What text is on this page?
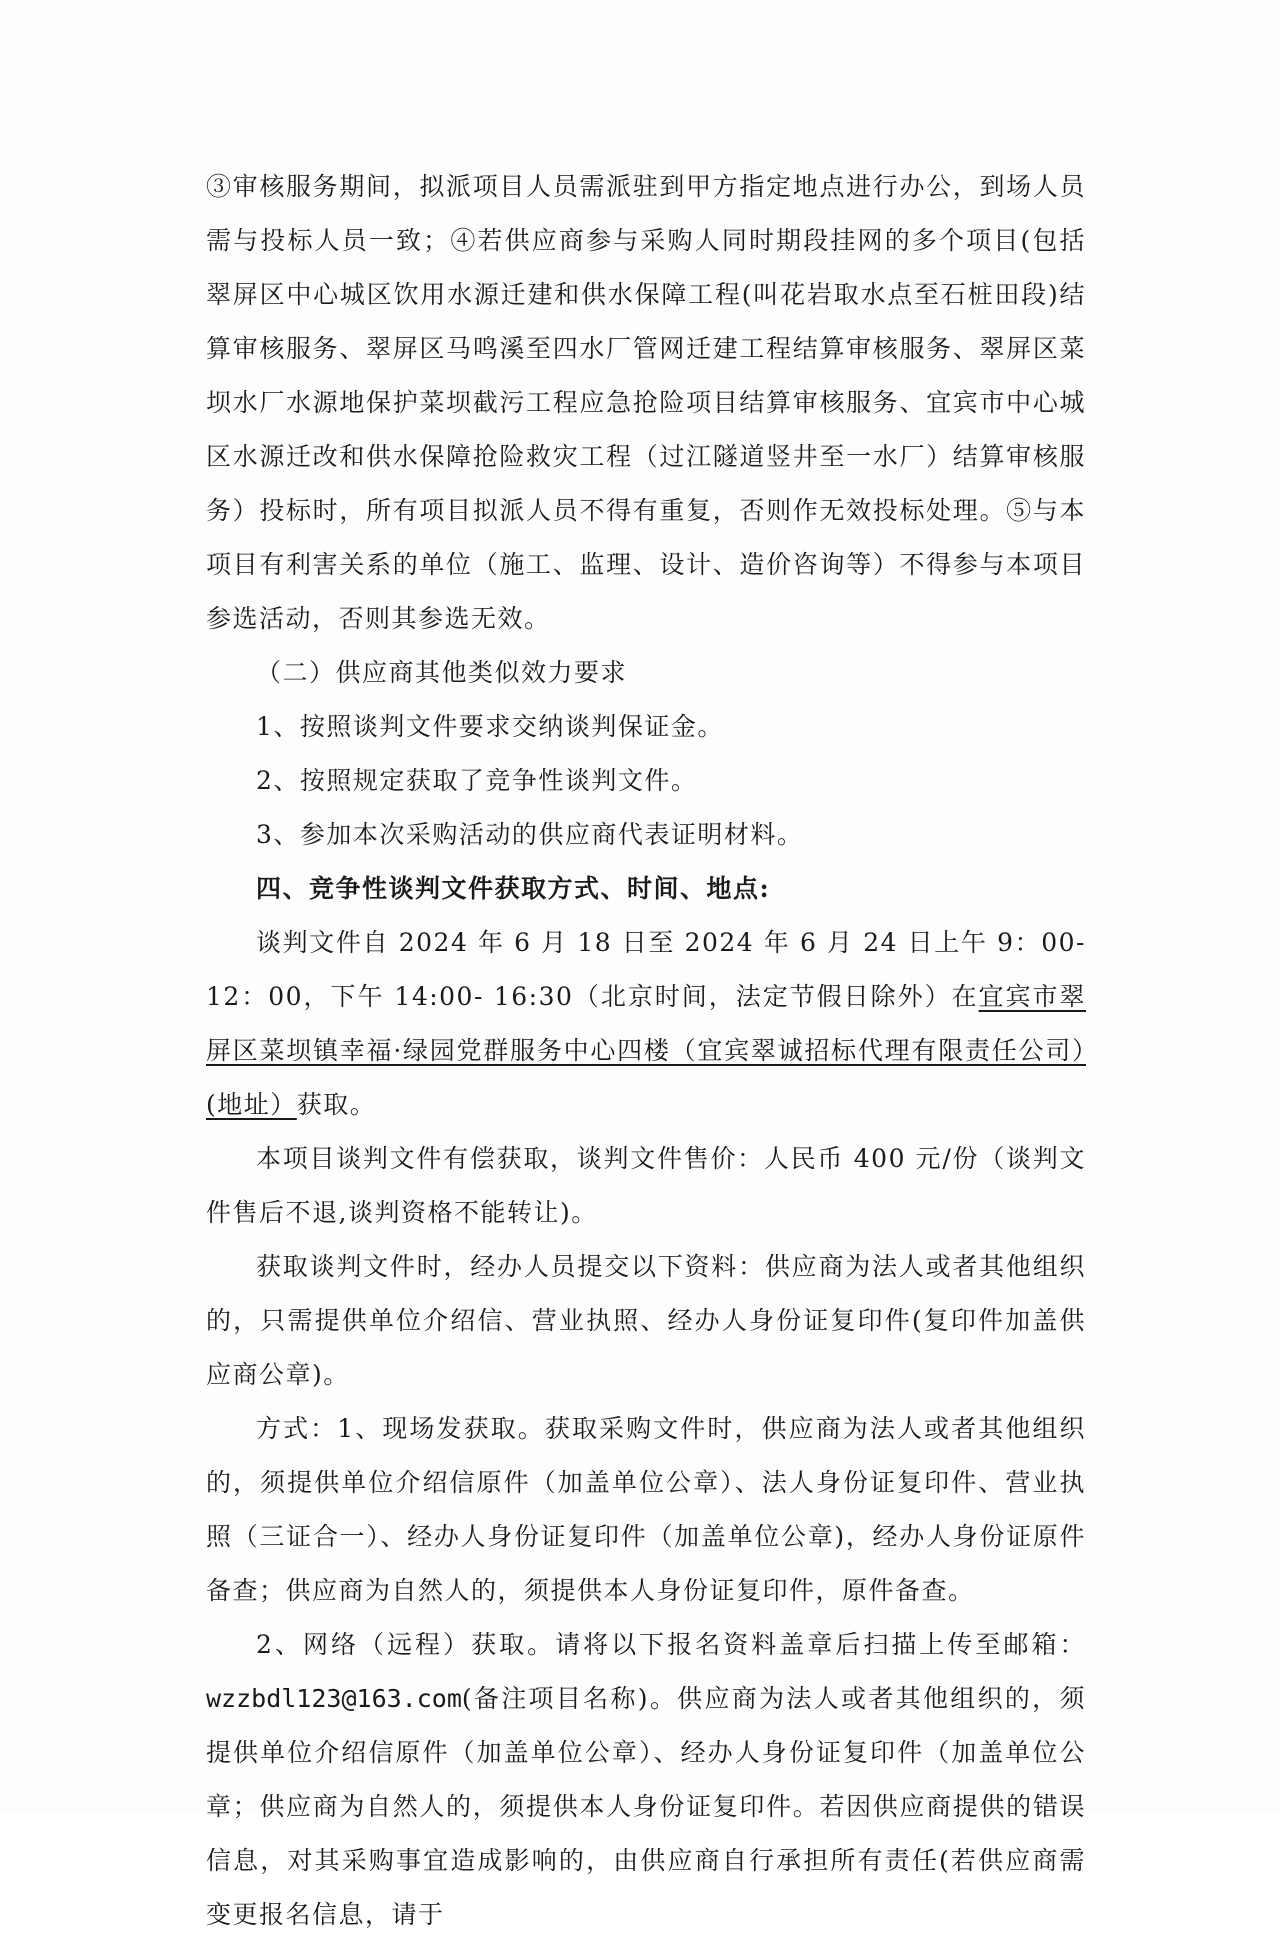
③审核服务期间，拟派项目人员需派驻到甲方指定地点进行办公，到场人员需与投标人员一致；④若供应商参与采购人同时期段挂网的多个项目(包括翠屏区中心城区饮用水源迁建和供水保障工程(叫花岩取水点至石桩田段)结算审核服务、翠屏区马鸣溪至四水厂管网迁建工程结算审核服务、翠屏区菜坝水厂水源地保护菜坝截污工程应急抢险项目结算审核服务、宜宾市中心城区水源迁改和供水保障抢险救灾工程（过江隧道竖井至一水厂）结算审核服务）投标时，所有项目拟派人员不得有重复，否则作无效投标处理。⑤与本项目有利害关系的单位（施工、监理、设计、造价咨询等）不得参与本项目参选活动，否则其参选无效。

（二）供应商其他类似效力要求

1、按照谈判文件要求交纳谈判保证金。

2、按照规定获取了竞争性谈判文件。

3、参加本次采购活动的供应商代表证明材料。

四、竞争性谈判文件获取方式、时间、地点:

谈判文件自 2024 年 6 月 18 日至 2024 年 6 月 24 日上午 9：00-12：00，下午 14:00- 16:30（北京时间，法定节假日除外）在宜宾市翠屏区菜坝镇幸福·绿园党群服务中心四楼（宜宾翠诚招标代理有限责任公司）(地址）获取。

本项目谈判文件有偿获取，谈判文件售价：人民币 400 元/份（谈判文件售后不退,谈判资格不能转让)。

获取谈判文件时，经办人员提交以下资料：供应商为法人或者其他组织的，只需提供单位介绍信、营业执照、经办人身份证复印件(复印件加盖供应商公章)。

方式：1、现场发获取。获取采购文件时，供应商为法人或者其他组织的，须提供单位介绍信原件（加盖单位公章）、法人身份证复印件、营业执照（三证合一）、经办人身份证复印件（加盖单位公章)，经办人身份证原件备查；供应商为自然人的，须提供本人身份证复印件，原件备查。

2、网络（远程）获取。请将以下报名资料盖章后扫描上传至邮箱：wzzbdl123@163.com(备注项目名称)。供应商为法人或者其他组织的，须提供单位介绍信原件（加盖单位公章）、经办人身份证复印件（加盖单位公章；供应商为自然人的，须提供本人身份证复印件。若因供应商提供的错误信息，对其采购事宜造成影响的，由供应商自行承担所有责任(若供应商需变更报名信息，请于
